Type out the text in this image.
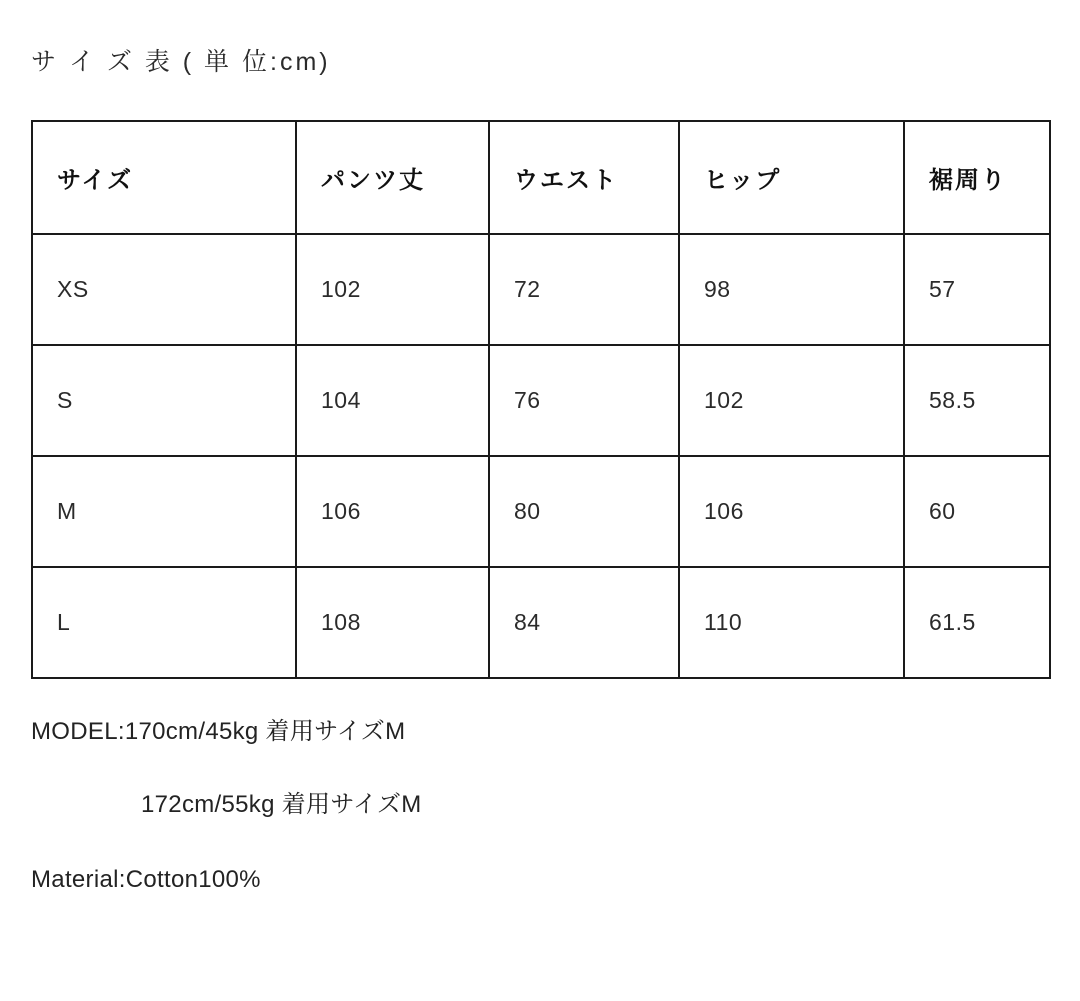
サ イ ズ 表 ( 単 位:cm)
サイズ	パンツ丈	ウエスト	ヒップ	裾周り
XS	102	72	98	57
S	104	76	102	58.5
M	106	80	106	60
L	108	84	110	61.5
MODEL:170cm/45kg 着用サイズM
172cm/55kg 着用サイズM
Material:Cotton100%
